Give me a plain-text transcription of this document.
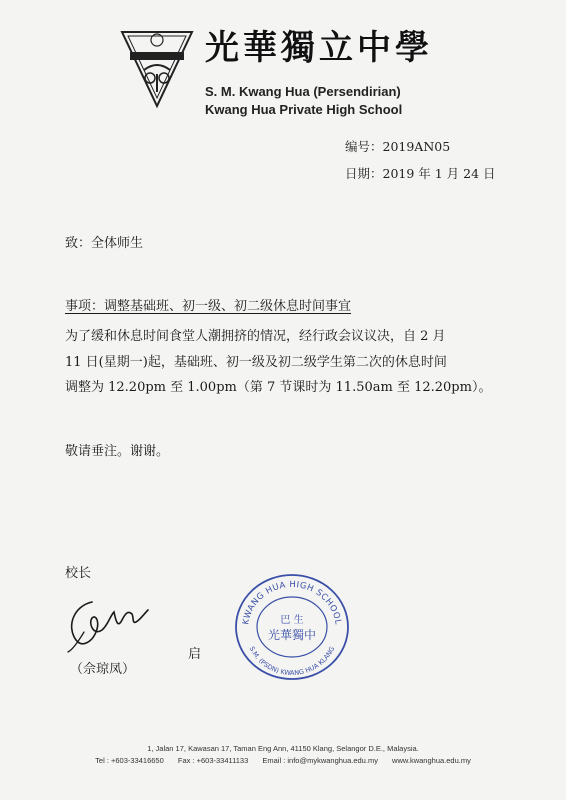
光華獨立中學
S. M. Kwang Hua (Persendirian)
Kwang Hua Private High School
编号：2019AN05
日期：2019 年 1 月 24 日
致：全体师生
事项：调整基础班、初一级、初二级休息时间事宜

为了缓和休息时间食堂人潮拥挤的情况，经行政会议议决，自 2 月

11 日(星期一)起，基础班、初一级及初二级学生第二次的休息时间

调整为 12.20pm 至 1.00pm（第 7 节课时为 11.50am 至 12.20pm）。

敬请垂注。谢谢。
校长
（佘琼凤）
启
KWANG HUA HIGH SCHOOL
S.M. (PSDN) KWANG HUA KLANG
巴 生
光華獨中
1, Jalan 17, Kawasan 17, Taman Eng Ann, 41150 Klang, Selangor D.E., Malaysia.
Tel : +603-33416650 Fax : +603-33411133 Email : info@mykwanghua.edu.my www.kwanghua.edu.my
